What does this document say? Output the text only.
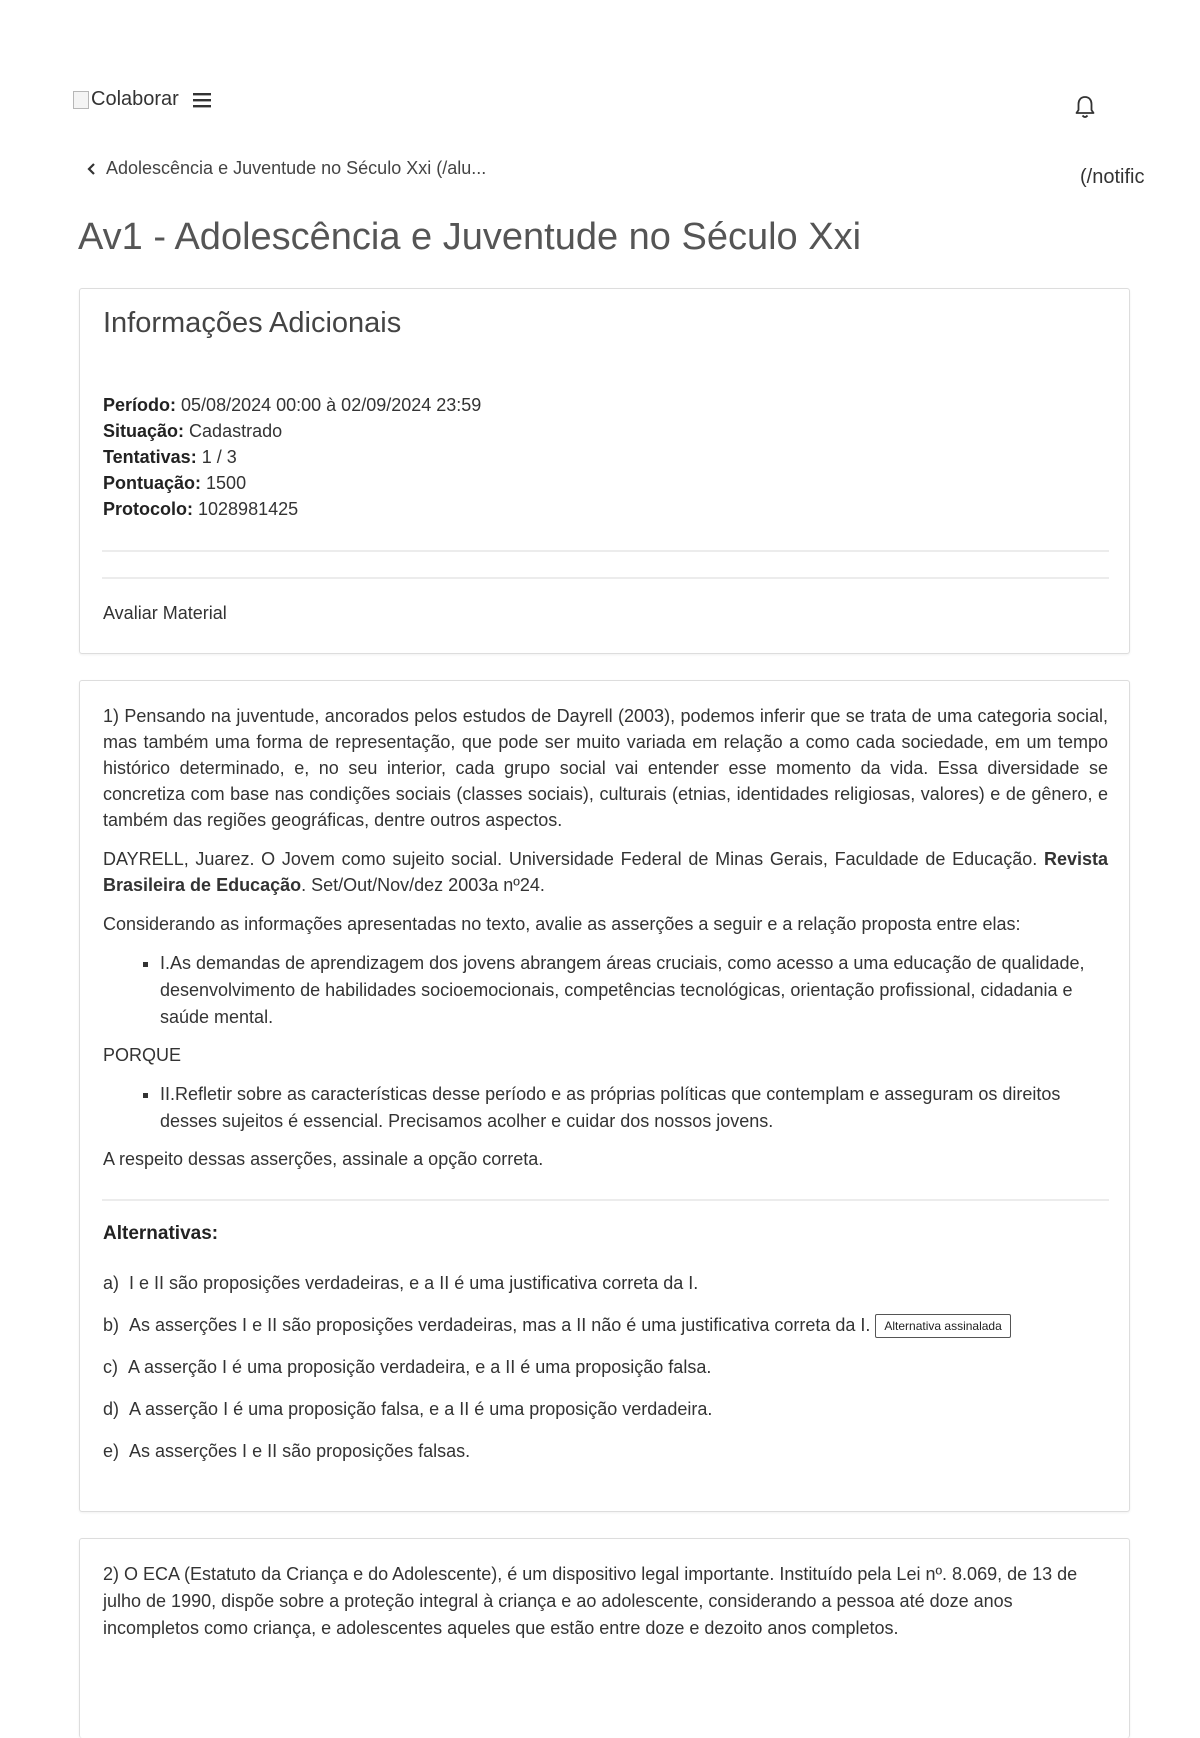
Colaborar
Adolescência e Juventude no Século Xxi (/alu...	(/notific
Av1 - Adolescência e Juventude no Século Xxi
Informações Adicionais
Período: 05/08/2024 00:00 à 02/09/2024 23:59
Situação: Cadastrado
Tentativas: 1 / 3
Pontuação: 1500
Protocolo: 1028981425
Avaliar Material

1) Pensando na juventude, ancorados pelos estudos de Dayrell (2003), podemos inferir que se trata de uma categoria social, mas também uma forma de representação, que pode ser muito variada em relação a como cada sociedade, em um tempo histórico determinado, e, no seu interior, cada grupo social vai entender esse momento da vida. Essa diversidade se concretiza com base nas condições sociais (classes sociais), culturais (etnias, identidades religiosas, valores) e de gênero, e também das regiões geográficas, dentre outros aspectos.

DAYRELL, Juarez. O Jovem como sujeito social. Universidade Federal de Minas Gerais, Faculdade de Educação. Revista Brasileira de Educação. Set/Out/Nov/dez 2003a nº24.

Considerando as informações apresentadas no texto, avalie as asserções a seguir e a relação proposta entre elas:

▪ I.As demandas de aprendizagem dos jovens abrangem áreas cruciais, como acesso a uma educação de qualidade, desenvolvimento de habilidades socioemocionais, competências tecnológicas, orientação profissional, cidadania e saúde mental.

PORQUE

▪ II.Refletir sobre as características desse período e as próprias políticas que contemplam e asseguram os direitos desses sujeitos é essencial. Precisamos acolher e cuidar dos nossos jovens.

A respeito dessas asserções, assinale a opção correta.

Alternativas:
a) I e II são proposições verdadeiras, e a II é uma justificativa correta da I.
b) As asserções I e II são proposições verdadeiras, mas a II não é uma justificativa correta da I.	Alternativa assinalada
c) A asserção I é uma proposição verdadeira, e a II é uma proposição falsa.
d) A asserção I é uma proposição falsa, e a II é uma proposição verdadeira.
e) As asserções I e II são proposições falsas.
2) O ECA (Estatuto da Criança e do Adolescente), é um dispositivo legal importante. Instituído pela Lei nº. 8.069, de 13 de julho de 1990, dispõe sobre a proteção integral à criança e ao adolescente, considerando a pessoa até doze anos incompletos como criança, e adolescentes aqueles que estão entre doze e dezoito anos completos.
